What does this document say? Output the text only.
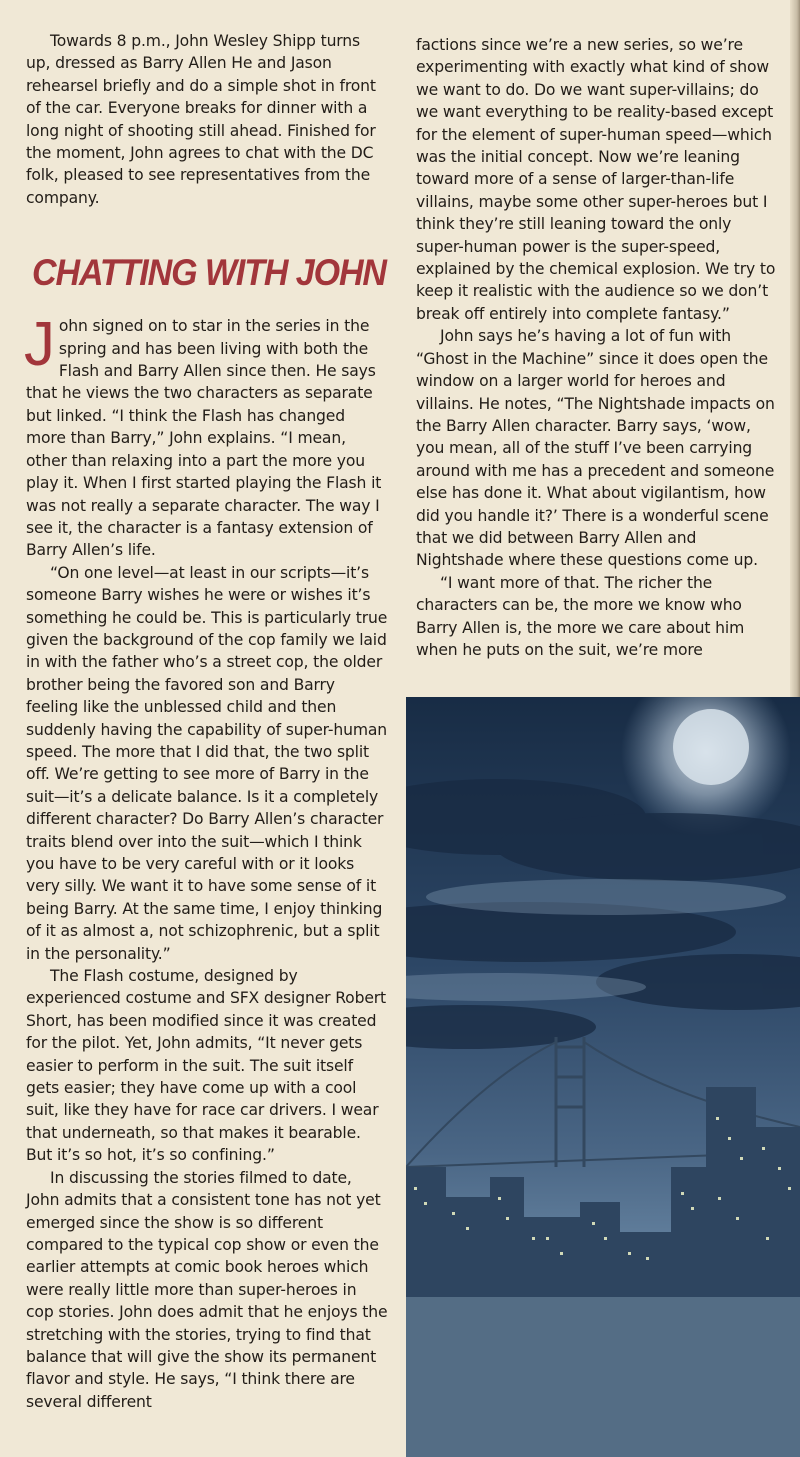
Towards 8 p.m., John Wesley Shipp turns up, dressed as Barry Allen He and Jason rehearsel briefly and do a simple shot in front of the car. Everyone breaks for dinner with a long night of shooting still ahead. Finished for the moment, John agrees to chat with the DC folk, pleased to see representatives from the company.

CHATTING WITH JOHN

John signed on to star in the series in the spring and has been living with both the Flash and Barry Allen since then. He says that he views the two characters as separate but linked. “I think the Flash has changed more than Barry,” John explains. “I mean, other than relaxing into a part the more you play it. When I first started playing the Flash it was not really a separate character. The way I see it, the character is a fantasy extension of Barry Allen’s life.

“On one level—at least in our scripts—it’s someone Barry wishes he were or wishes it’s something he could be. This is particularly true given the background of the cop family we laid in with the father who’s a street cop, the older brother being the favored son and Barry feeling like the unblessed child and then suddenly having the capability of super-human speed. The more that I did that, the two split off. We’re getting to see more of Barry in the suit—it’s a delicate balance. Is it a completely different character? Do Barry Allen’s character traits blend over into the suit—which I think you have to be very careful with or it looks very silly. We want it to have some sense of it being Barry. At the same time, I enjoy thinking of it as almost a, not schizophrenic, but a split in the personality.”

The Flash costume, designed by experienced costume and SFX designer Robert Short, has been modified since it was created for the pilot. Yet, John admits, “It never gets easier to perform in the suit. The suit itself gets easier; they have come up with a cool suit, like they have for race car drivers. I wear that underneath, so that makes it bearable. But it’s so hot, it’s so confining.”

In discussing the stories filmed to date, John admits that a consistent tone has not yet emerged since the show is so different compared to the typical cop show or even the earlier attempts at comic book heroes which were really little more than super-heroes in cop stories. John does admit that he enjoys the stretching with the stories, trying to find that balance that will give the show its permanent flavor and style. He says, “I think there are several different

factions since we’re a new series, so we’re experimenting with exactly what kind of show we want to do. Do we want super-villains; do we want everything to be reality-based except for the element of super-human speed—which was the initial concept. Now we’re leaning toward more of a sense of larger-than-life villains, maybe some other super-heroes but I think they’re still leaning toward the only super-human power is the super-speed, explained by the chemical explosion. We try to keep it realistic with the audience so we don’t break off entirely into complete fantasy.”

John says he’s having a lot of fun with “Ghost in the Machine” since it does open the window on a larger world for heroes and villains. He notes, “The Nightshade impacts on the Barry Allen character. Barry says, ‘wow, you mean, all of the stuff I’ve been carrying around with me has a precedent and someone else has done it. What about vigilantism, how did you handle it?’ There is a wonderful scene that we did between Barry Allen and Nightshade where these questions come up.

“I want more of that. The richer the characters can be, the more we know who Barry Allen is, the more we care about him when he puts on the suit, we’re more
